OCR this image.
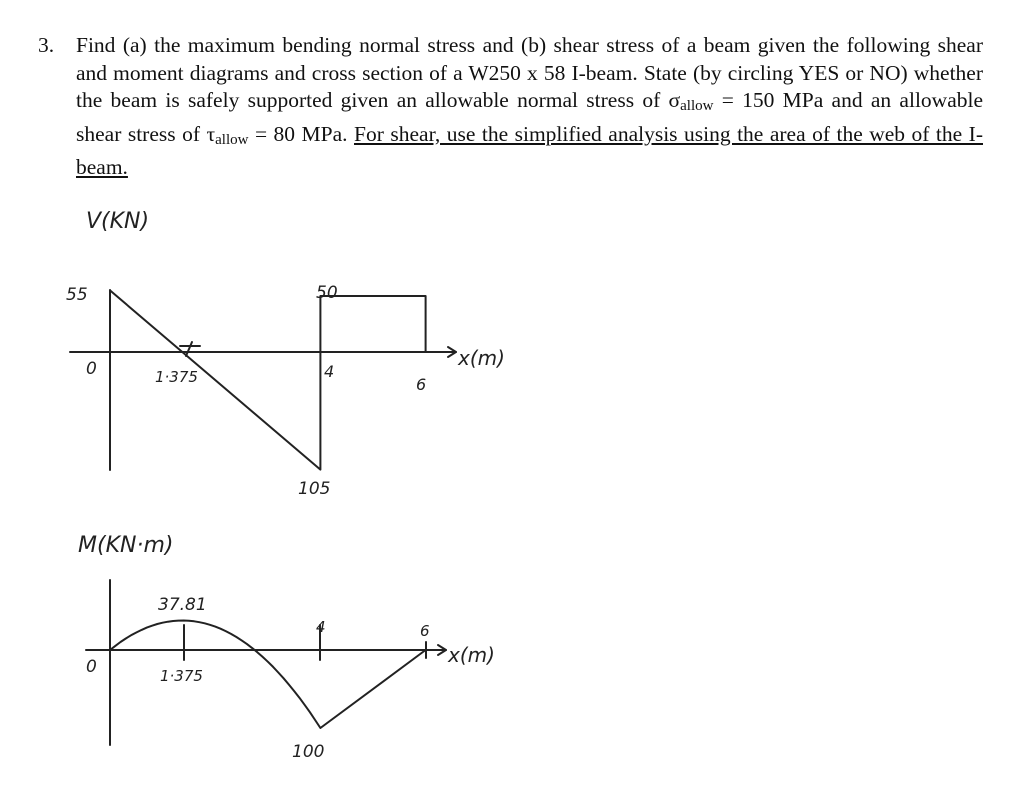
3. Find (a) the maximum bending normal stress and (b) shear stress of a beam given the following shear and moment diagrams and cross section of a W250 x 58 I-beam. State (by circling YES or NO) whether the beam is safely supported given an allowable normal stress of $\sigma_{allow} = 150$ MPa and an allowable shear stress of $\tau_{allow} = 80$ MPa. For shear, use the simplified analysis using the area of the web of the I-beam.
V(KN)
x(m)
55	50
0	1·375	4
6
105
M(KN·m)
x(m)
37.81
0	1·375
4	6
100
